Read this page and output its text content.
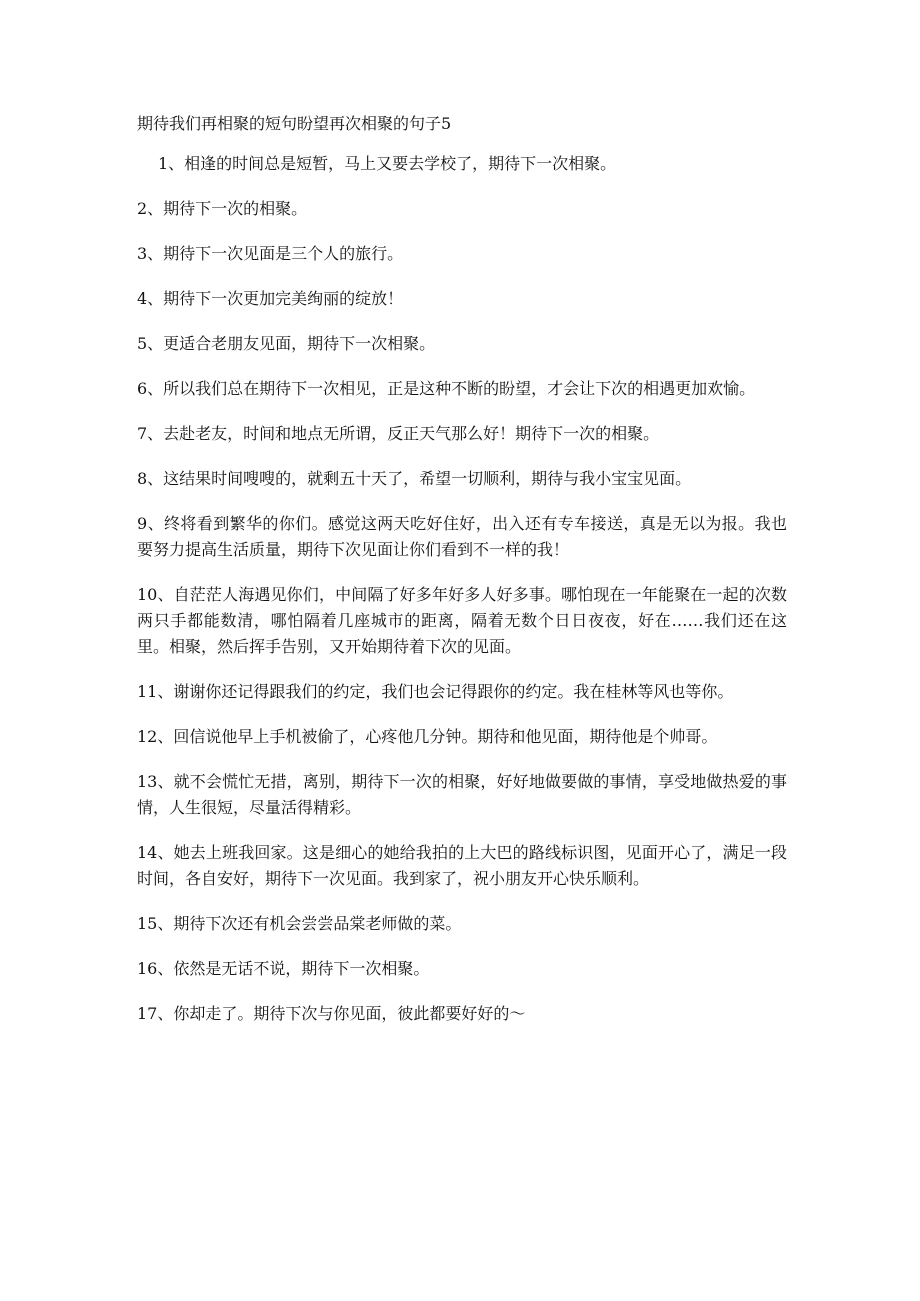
期待我们再相聚的短句盼望再次相聚的句子5

1、相逢的时间总是短暂，马上又要去学校了，期待下一次相聚。

2、期待下一次的相聚。

3、期待下一次见面是三个人的旅行。

4、期待下一次更加完美绚丽的绽放！

5、更适合老朋友见面，期待下一次相聚。

6、所以我们总在期待下一次相见，正是这种不断的盼望，才会让下次的相遇更加欢愉。

7、去赴老友，时间和地点无所谓，反正天气那么好！期待下一次的相聚。

8、这结果时间嗖嗖的，就剩五十天了，希望一切顺利，期待与我小宝宝见面。

9、终将看到繁华的你们。感觉这两天吃好住好，出入还有专车接送，真是无以为报。我也要努力提高生活质量，期待下次见面让你们看到不一样的我！

10、自茫茫人海遇见你们，中间隔了好多年好多人好多事。哪怕现在一年能聚在一起的次数两只手都能数清，哪怕隔着几座城市的距离，隔着无数个日日夜夜，好在……我们还在这里。相聚，然后挥手告别，又开始期待着下次的见面。

11、谢谢你还记得跟我们的约定，我们也会记得跟你的约定。我在桂林等风也等你。

12、回信说他早上手机被偷了，心疼他几分钟。期待和他见面，期待他是个帅哥。

13、就不会慌忙无措，离别，期待下一次的相聚，好好地做要做的事情，享受地做热爱的事情，人生很短，尽量活得精彩。

14、她去上班我回家。这是细心的她给我拍的上大巴的路线标识图，见面开心了，满足一段时间，各自安好，期待下一次见面。我到家了，祝小朋友开心快乐顺利。

15、期待下次还有机会尝尝品棠老师做的菜。

16、依然是无话不说，期待下一次相聚。

17、你却走了。期待下次与你见面，彼此都要好好的～
